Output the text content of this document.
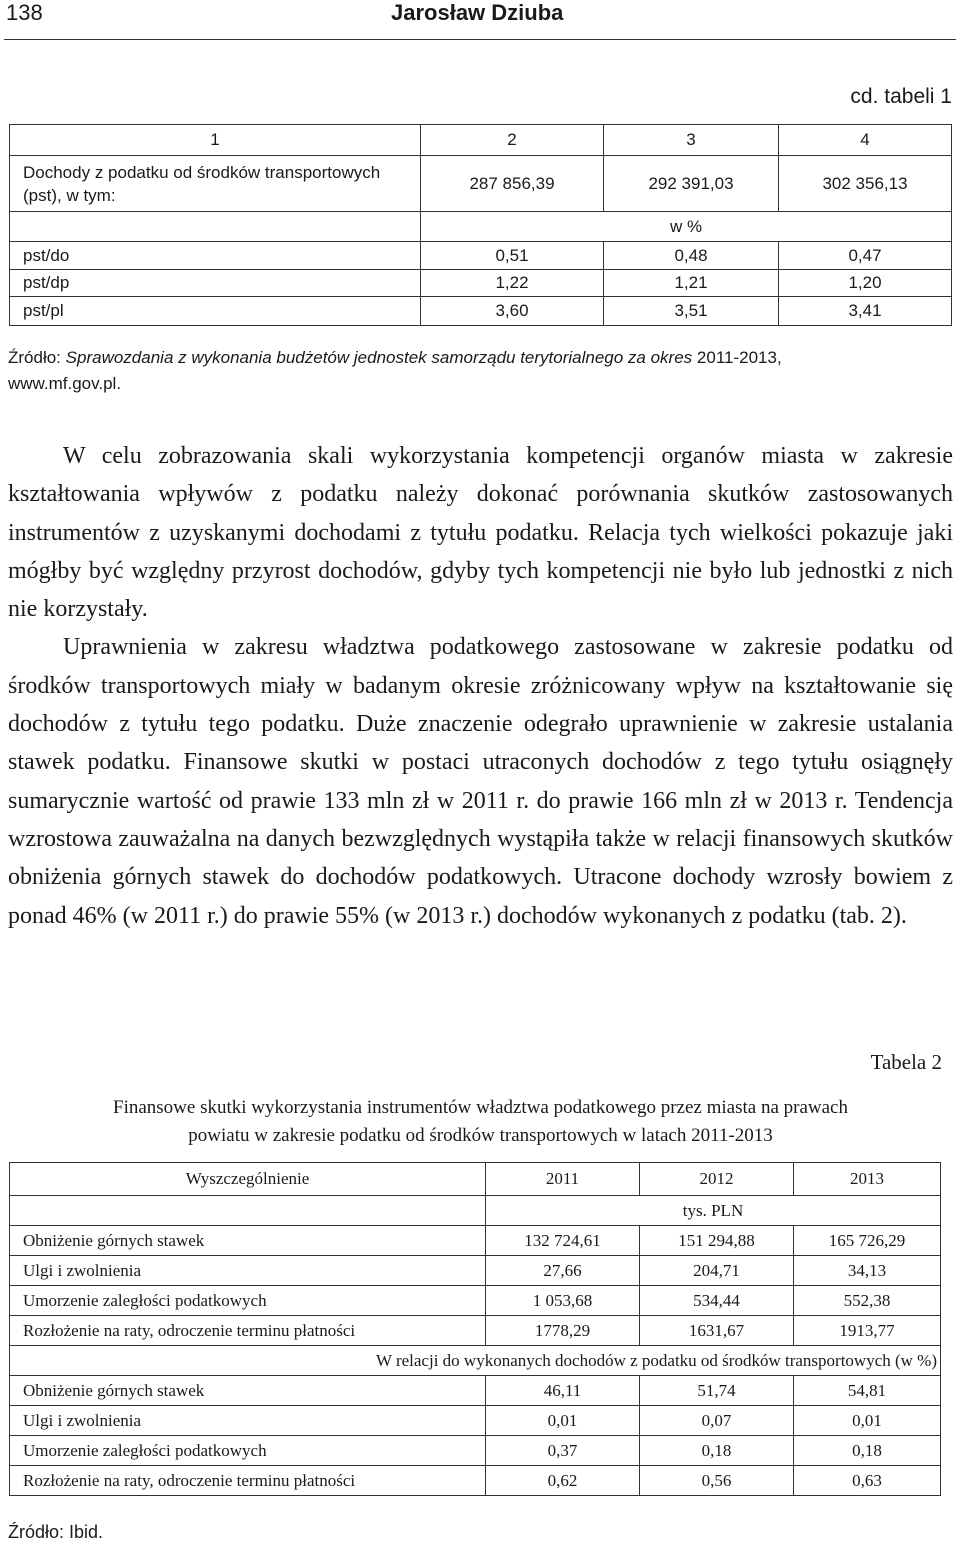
138	Jarosław Dziuba
cd. tabeli 1
1	2	3	4
Dochody z podatku od środków transportowych (pst), w tym:	287 856,39	292 391,03	302 356,13
	w %		
pst/do	0,51	0,48	0,47
pst/dp	1,22	1,21	1,20
pst/pl	3,60	3,51	3,41
Źródło: Sprawozdania z wykonania budżetów jednostek samorządu terytorialnego za okres 2011-2013,
www.mf.gov.pl.

W celu zobrazowania skali wykorzystania kompetencji organów miasta w zakresie kształtowania wpływów z podatku należy dokonać porównania skutków zastosowanych instrumentów z uzyskanymi dochodami z tytułu podatku. Relacja tych wielkości pokazuje jaki mógłby być względny przyrost dochodów, gdyby tych kompetencji nie było lub jednostki z nich nie korzystały.

Uprawnienia w zakresu władztwa podatkowego zastosowane w zakresie podatku od środków transportowych miały w badanym okresie zróżnicowany wpływ na kształtowanie się dochodów z tytułu tego podatku. Duże znaczenie odegrało uprawnienie w zakresie ustalania stawek podatku. Finansowe skutki w postaci utraconych dochodów z tego tytułu osiągnęły sumarycznie wartość od prawie 133 mln zł w 2011 r. do prawie 166 mln zł w 2013 r. Tendencja wzrostowa zauważalna na danych bezwzględnych wystąpiła także w relacji finansowych skutków obniżenia górnych stawek do dochodów podatkowych. Utracone dochody wzrosły bowiem z ponad 46% (w 2011 r.) do prawie 55% (w 2013 r.) dochodów wykonanych z podatku (tab. 2).

Tabela 2
Finansowe skutki wykorzystania instrumentów władztwa podatkowego przez miasta na prawach
powiatu w zakresie podatku od środków transportowych w latach 2011-2013
Wyszczególnienie	2011	2012	2013
	tys. PLN		
Obniżenie górnych stawek	132 724,61	151 294,88	165 726,29
Ulgi i zwolnienia	27,66	204,71	34,13
Umorzenie zaległości podatkowych	1 053,68	534,44	552,38
Rozłożenie na raty, odroczenie terminu płatności	1778,29	1631,67	1913,77
W relacji do wykonanych dochodów z podatku od środków transportowych (w %)			
Obniżenie górnych stawek	46,11	51,74	54,81
Ulgi i zwolnienia	0,01	0,07	0,01
Umorzenie zaległości podatkowych	0,37	0,18	0,18
Rozłożenie na raty, odroczenie terminu płatności	0,62	0,56	0,63
Źródło: Ibid.
